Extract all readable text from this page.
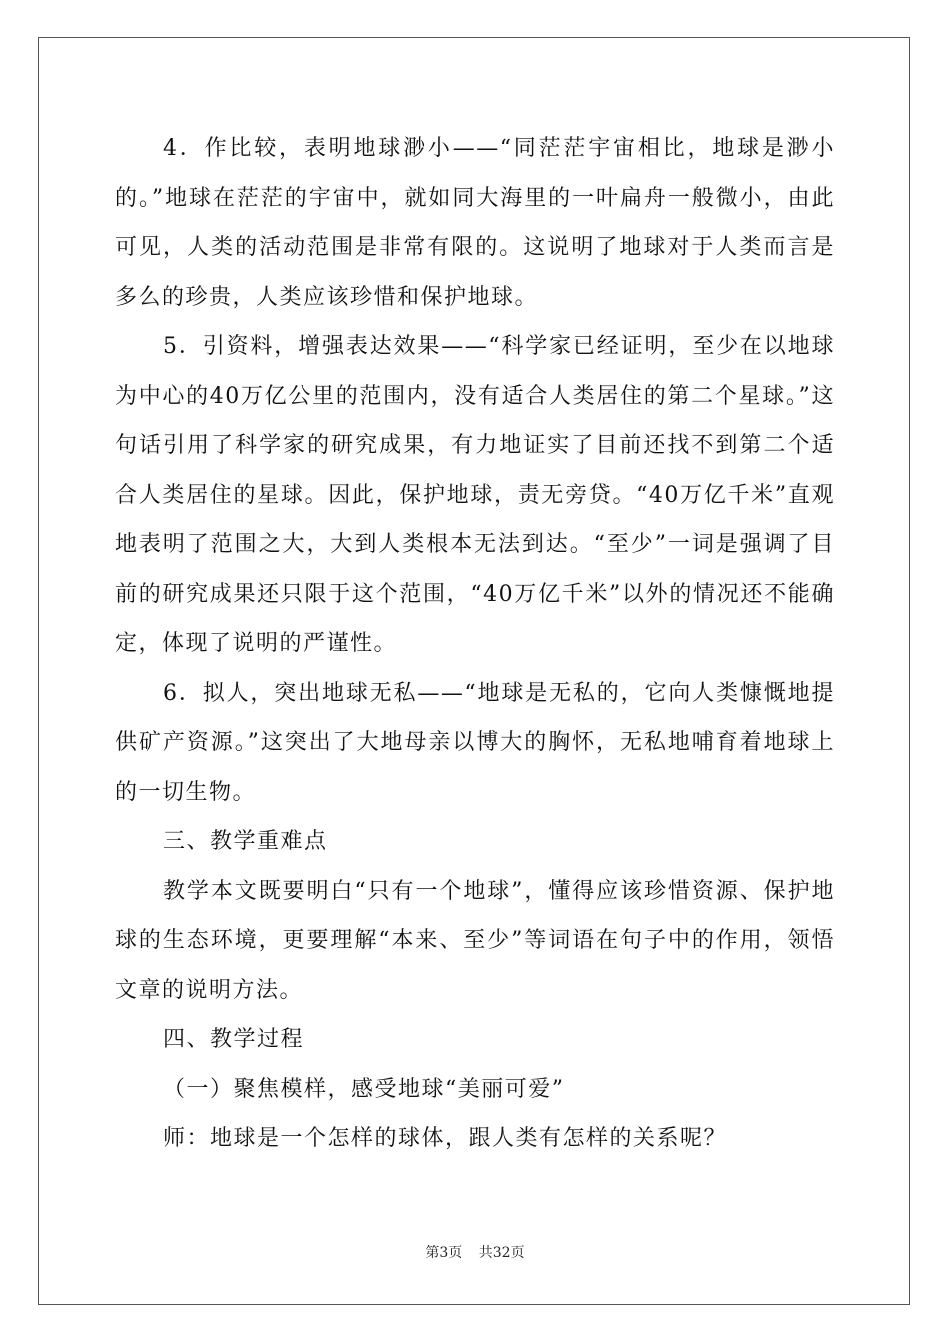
4．作比较，表明地球渺小——“同茫茫宇宙相比，地球是渺小的。”地球在茫茫的宇宙中，就如同大海里的一叶扁舟一般微小，由此可见，人类的活动范围是非常有限的。这说明了地球对于人类而言是多么的珍贵，人类应该珍惜和保护地球。

5．引资料，增强表达效果——“科学家已经证明，至少在以地球为中心的40万亿公里的范围内，没有适合人类居住的第二个星球。”这句话引用了科学家的研究成果，有力地证实了目前还找不到第二个适合人类居住的星球。因此，保护地球，责无旁贷。“40万亿千米”直观地表明了范围之大，大到人类根本无法到达。“至少”一词是强调了目前的研究成果还只限于这个范围，“40万亿千米”以外的情况还不能确定，体现了说明的严谨性。

6．拟人，突出地球无私——“地球是无私的，它向人类慷慨地提供矿产资源。”这突出了大地母亲以博大的胸怀，无私地哺育着地球上的一切生物。

三、教学重难点

教学本文既要明白“只有一个地球”，懂得应该珍惜资源、保护地球的生态环境，更要理解“本来、至少”等词语在句子中的作用，领悟文章的说明方法。

四、教学过程

（一）聚焦模样，感受地球“美丽可爱”

师：地球是一个怎样的球体，跟人类有怎样的关系呢？

第3页 共32页
